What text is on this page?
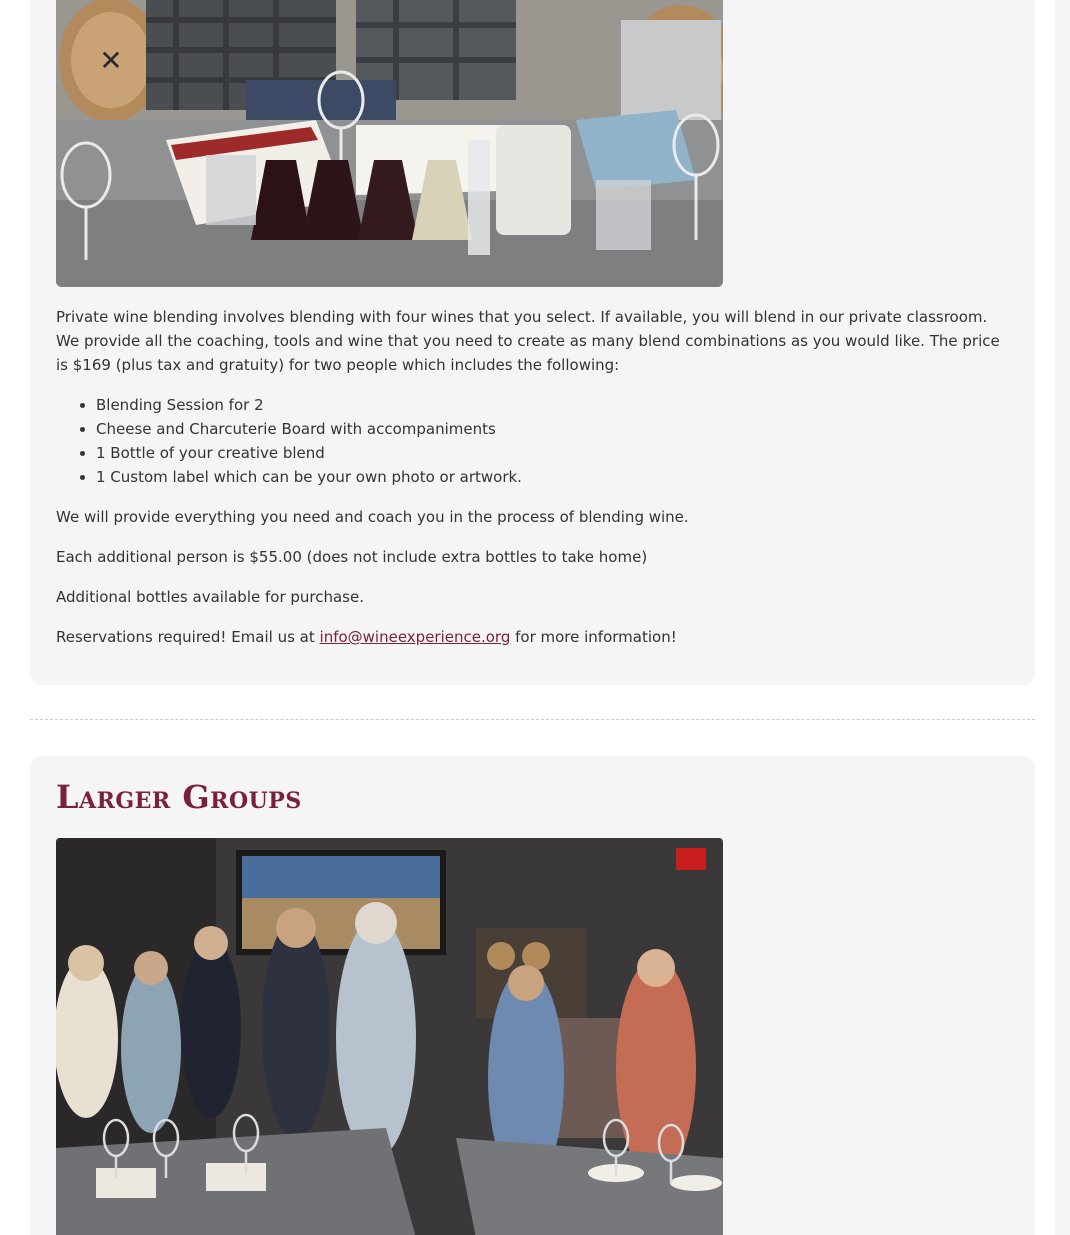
✕

Private wine blending involves blending with four wines that you select. If available, you will blend in our private classroom. We provide all the coaching, tools and wine that you need to create as many blend combinations as you would like. The price is $169 (plus tax and gratuity) for two people which includes the following:

• Blending Session for 2
• Cheese and Charcuterie Board with accompaniments
• 1 Bottle of your creative blend
• 1 Custom label which can be your own photo or artwork.

We will provide everything you need and coach you in the process of blending wine.

Each additional person is $55.00 (does not include extra bottles to take home)

Additional bottles available for purchase.

Reservations required! Email us at info@wineexperience.org for more information!

Larger Groups
